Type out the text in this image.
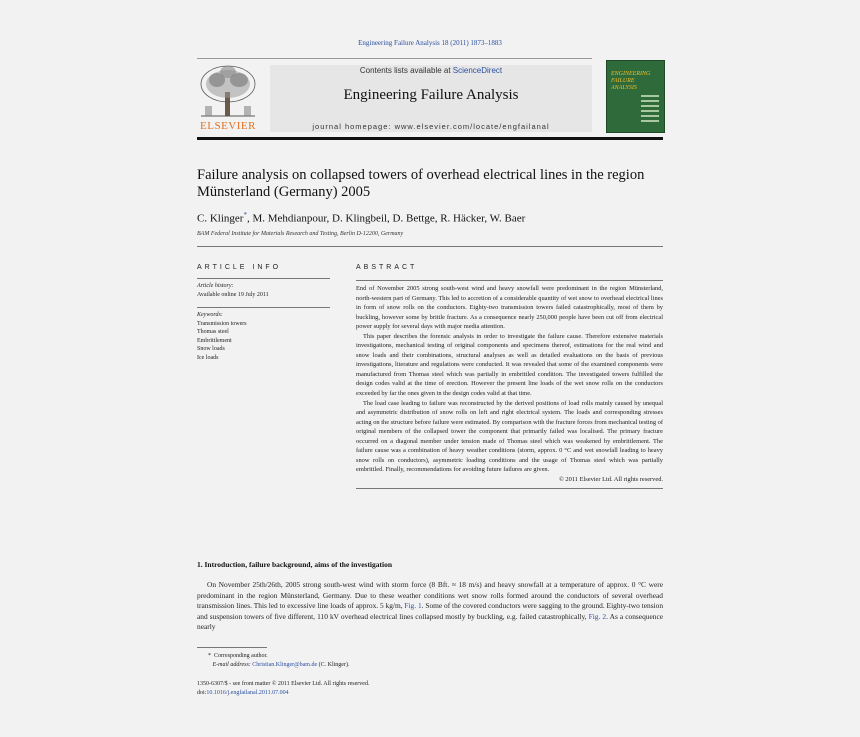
Engineering Failure Analysis 18 (2011) 1873–1883
ELSEVIER
Contents lists available at ScienceDirect
Engineering Failure Analysis
journal homepage: www.elsevier.com/locate/engfailanal
ENGINEERING FAILURE ANALYSIS
Failure analysis on collapsed towers of overhead electrical lines in the region Münsterland (Germany) 2005
C. Klinger*, M. Mehdianpour, D. Klingbeil, D. Bettge, R. Häcker, W. Baer
BAM Federal Institute for Materials Research and Testing, Berlin D-12200, Germany
ARTICLE INFO	ABSTRACT
Article history:
Available online 19 July 2011
Keywords:
Transmission towers
Thomas steel
Embrittlement
Snow loads
Ice loads

End of November 2005 strong south-west wind and heavy snowfall were predominant in the region Münsterland, north-western part of Germany. This led to accretion of a considerable quantity of wet snow to overhead electrical lines in form of snow rolls on the conductors. Eighty-two transmission towers failed catastrophically, most of them by buckling, however some by brittle fracture. As a consequence nearly 250,000 people have been cut off from electrical power supply for several days with major media attention.

This paper describes the forensic analysis in order to investigate the failure cause. Therefore extensive materials investigations, mechanical testing of original components and specimens thereof, estimations for the real wind and snow loads and their combinations, structural analyses as well as detailed evaluations on the basis of previous investigations, literature and regulations were conducted. It was revealed that some of the examined components were manufactured from Thomas steel which was partially in embrittled condition. The investigated towers fulfilled the design codes valid at the time of erection. However the present line loads of the wet snow rolls on the conductors exceeded by far the ones given in the design codes valid at that time.

The load case leading to failure was reconstructed by the derived positions of load rolls mainly caused by unequal and asymmetric distribution of snow rolls on left and right electrical system. The loads and corresponding stresses acting on the structure before failure were estimated. By comparison with the fracture forces from mechanical testing of original members of the collapsed tower the component that primarily failed was localised. The primary fracture occurred on a diagonal member under tension made of Thomas steel which was weakened by embrittlement. The failure cause was a combination of heavy weather conditions (storm, approx. 0 °C and wet snowfall leading to heavy snow rolls on conductors), asymmetric loading conditions and the usage of Thomas steel which was partially embrittled. Finally, recommendations for avoiding future failures are given.

© 2011 Elsevier Ltd. All rights reserved.

1. Introduction, failure background, aims of the investigation
On November 25th/26th, 2005 strong south-west wind with storm force (8 Bft. ≈ 18 m/s) and heavy snowfall at a temperature of approx. 0 °C were predominant in the region Münsterland, Germany. Due to these weather conditions wet snow rolls formed around the conductors of several overhead transmission lines. This led to excessive line loads of approx. 5 kg/m, Fig. 1. Some of the covered conductors were sagging to the ground. Eighty-two tension and suspension towers of five different, 110 kV overhead electrical lines collapsed mostly by buckling, e.g. failed catastrophically, Fig. 2. As a consequence nearly
* Corresponding author.
E-mail address: Christian.Klinger@bam.de (C. Klinger).
1350-6307/$ - see front matter © 2011 Elsevier Ltd. All rights reserved.
doi:10.1016/j.engfailanal.2011.07.004
